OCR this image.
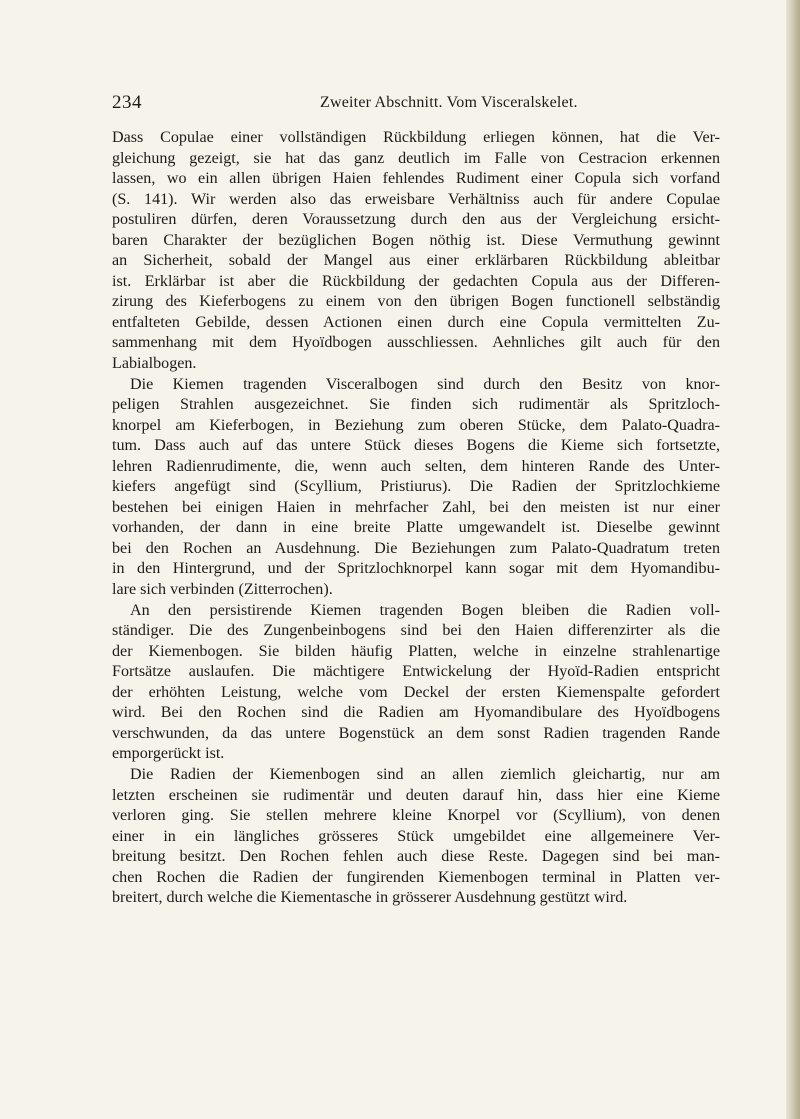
234	Zweiter Abschnitt. Vom Visceralskelet.
Dass Copulae einer vollständigen Rückbildung erliegen können, hat die Ver-
gleichung gezeigt, sie hat das ganz deutlich im Falle von Cestracion erkennen
lassen, wo ein allen übrigen Haien fehlendes Rudiment einer Copula sich vorfand
(S. 141). Wir werden also das erweisbare Verhältniss auch für andere Copulae
postuliren dürfen, deren Voraussetzung durch den aus der Vergleichung ersicht-
baren Charakter der bezüglichen Bogen nöthig ist. Diese Vermuthung gewinnt
an Sicherheit, sobald der Mangel aus einer erklärbaren Rückbildung ableitbar
ist. Erklärbar ist aber die Rückbildung der gedachten Copula aus der Differen-
zirung des Kieferbogens zu einem von den übrigen Bogen functionell selbständig
entfalteten Gebilde, dessen Actionen einen durch eine Copula vermittelten Zu-
sammenhang mit dem Hyoïdbogen ausschliessen. Aehnliches gilt auch für den
Labialbogen.
Die Kiemen tragenden Visceralbogen sind durch den Besitz von knor-
peligen Strahlen ausgezeichnet. Sie finden sich rudimentär als Spritzloch-
knorpel am Kieferbogen, in Beziehung zum oberen Stücke, dem Palato-Quadra-
tum. Dass auch auf das untere Stück dieses Bogens die Kieme sich fortsetzte,
lehren Radienrudimente, die, wenn auch selten, dem hinteren Rande des Unter-
kiefers angefügt sind (Scyllium, Pristiurus). Die Radien der Spritzlochkieme
bestehen bei einigen Haien in mehrfacher Zahl, bei den meisten ist nur einer
vorhanden, der dann in eine breite Platte umgewandelt ist. Dieselbe gewinnt
bei den Rochen an Ausdehnung. Die Beziehungen zum Palato-Quadratum treten
in den Hintergrund, und der Spritzlochknorpel kann sogar mit dem Hyomandibu-
lare sich verbinden (Zitterrochen).
An den persistirende Kiemen tragenden Bogen bleiben die Radien voll-
ständiger. Die des Zungenbeinbogens sind bei den Haien differenzirter als die
der Kiemenbogen. Sie bilden häufig Platten, welche in einzelne strahlenartige
Fortsätze auslaufen. Die mächtigere Entwickelung der Hyoïd-Radien entspricht
der erhöhten Leistung, welche vom Deckel der ersten Kiemenspalte gefordert
wird. Bei den Rochen sind die Radien am Hyomandibulare des Hyoïdbogens
verschwunden, da das untere Bogenstück an dem sonst Radien tragenden Rande
emporgerückt ist.
Die Radien der Kiemenbogen sind an allen ziemlich gleichartig, nur am
letzten erscheinen sie rudimentär und deuten darauf hin, dass hier eine Kieme
verloren ging. Sie stellen mehrere kleine Knorpel vor (Scyllium), von denen
einer in ein längliches grösseres Stück umgebildet eine allgemeinere Ver-
breitung besitzt. Den Rochen fehlen auch diese Reste. Dagegen sind bei man-
chen Rochen die Radien der fungirenden Kiemenbogen terminal in Platten ver-
breitert, durch welche die Kiementasche in grösserer Ausdehnung gestützt wird.
